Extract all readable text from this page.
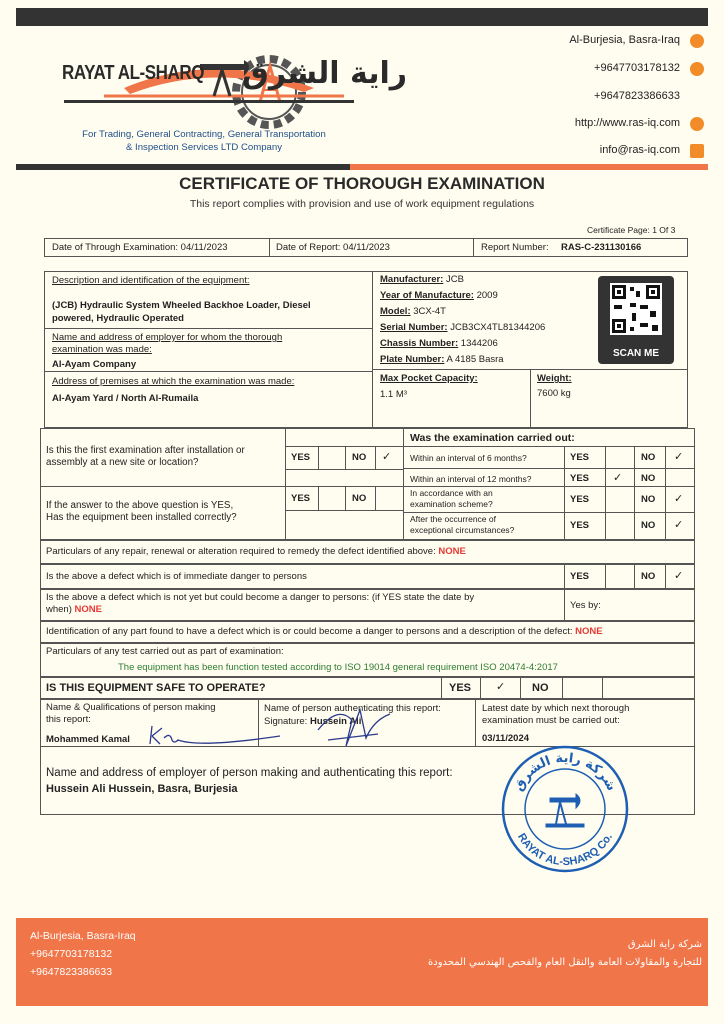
RAYAT AL-SHARQ راية الشرق
For Trading, General Contracting, General Transportation
& Inspection Services LTD Company
Al-Burjesia, Basra-Iraq
+9647703178132
+9647823386633
http://www.ras-iq.com
info@ras-iq.com
CERTIFICATE OF THOROUGH EXAMINATION
This report complies with provision and use of work equipment regulations
Certificate Page: 1 Of 3
Date of Through Examination: 04/11/2023	Date of Report: 04/11/2023	Report Number: RAS-C-231130166
Description and identification of the equipment:
(JCB) Hydraulic System Wheeled Backhoe Loader, Diesel
powered, Hydraulic Operated
Name and address of employer for whom the thorough
examination was made:
Al-Ayam Company
Address of premises at which the examination was made:
Al-Ayam Yard / North Al-Rumaila
Manufacturer: JCB
Year of Manufacture: 2009
Model: 3CX-4T
Serial Number: JCB3CX4TL81344206
Chassis Number: 1344206
Plate Number: A 4185 Basra
Max Pocket Capacity:
1.1 M³
Weight:
7600 kg
SCAN ME
Is this the first examination after installation or
assembly at a new site or location?	YES	NO ✓
If the answer to the above question is YES,
Has the equipment been installed correctly?
YES	NO
Was the examination carried out:
Within an interval of 6 months?	YES	NO ✓
Within an interval of 12 months?	YES ✓ NO
In accordance with an
examination scheme?	YES	NO ✓
After the occurrence of
exceptional circumstances?	YES	NO ✓
Particulars of any repair, renewal or alteration required to remedy the defect identified above: NONE
Is the above a defect which is of immediate danger to persons	YES	NO ✓
Is the above a defect which is not yet but could become a danger to persons: (if YES state the date by
when) NONE	Yes by:
Identification of any part found to have a defect which is or could become a danger to persons and a description of the defect: NONE
Particulars of any test carried out as part of examination:
The equipment has been function tested according to ISO 19014 general requirement ISO 20474-4:2017
IS THIS EQUIPMENT SAFE TO OPERATE?	YES ✓ NO
Name & Qualifications of person making
this report:
Mohammed Kamal
Name of person authenticating this report:
Signature: Hussein Ali
Latest date by which next thorough
examination must be carried out:
03/11/2024
Name and address of employer of person making and authenticating this report:
Hussein Ali Hussein, Basra, Burjesia	شركة راية الشرق
RAYAT AL-SHARQ Co.
Al-Burjesia, Basra-Iraq
+9647703178132
+9647823386633
شركة راية الشرق
للتجارة والمقاولات العامة والنقل العام والفحص الهندسي المحدودة
